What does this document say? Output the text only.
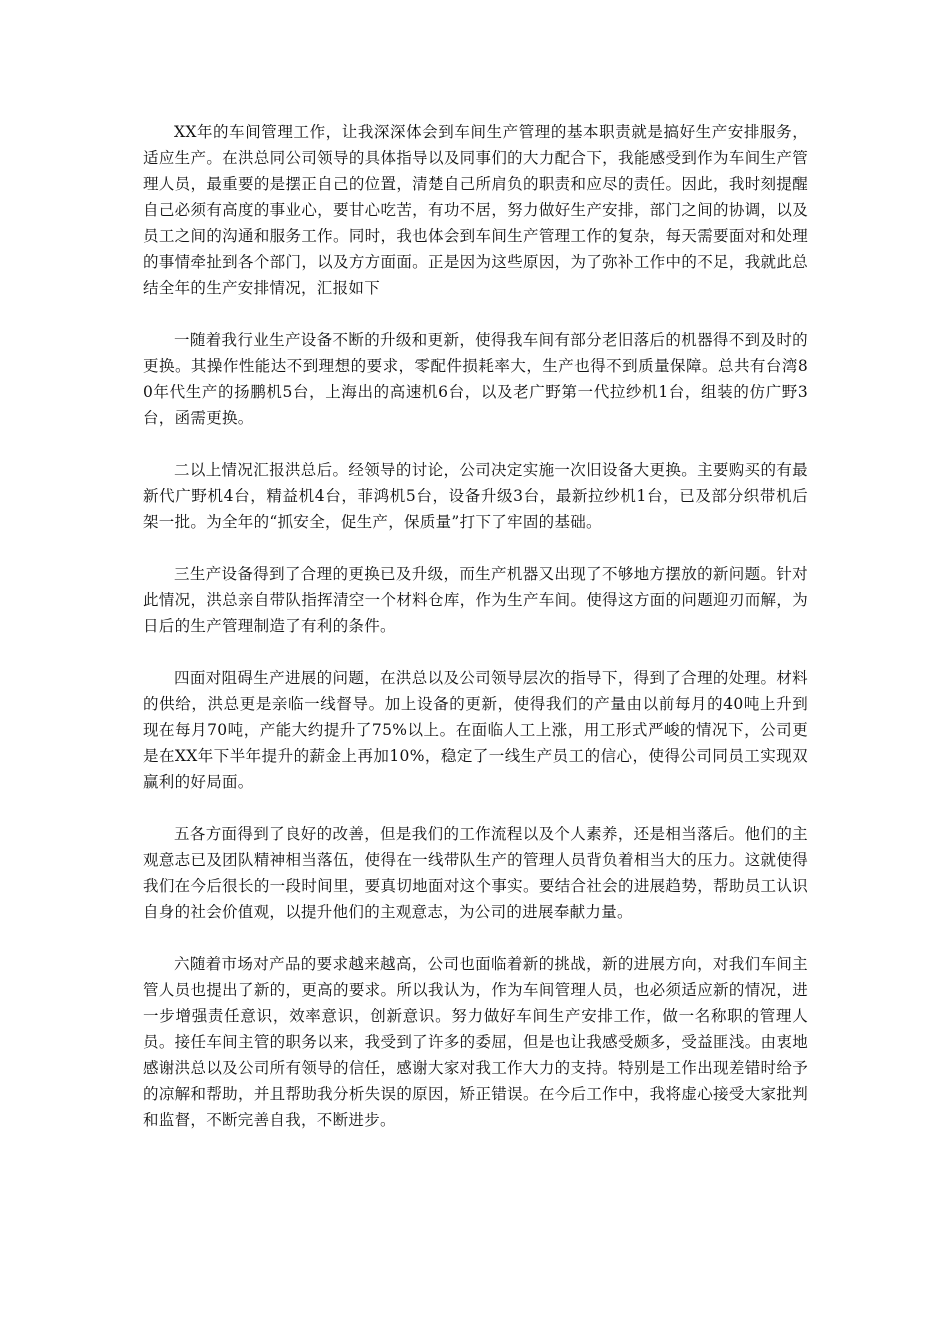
XX年的车间管理工作，让我深深体会到车间生产管理的基本职责就是搞好生产安排服务，适应生产。在洪总同公司领导的具体指导以及同事们的大力配合下，我能感受到作为车间生产管理人员，最重要的是摆正自己的位置，清楚自己所肩负的职责和应尽的责任。因此，我时刻提醒自己必须有高度的事业心，要甘心吃苦，有功不居，努力做好生产安排，部门之间的协调，以及员工之间的沟通和服务工作。同时，我也体会到车间生产管理工作的复杂，每天需要面对和处理的事情牵扯到各个部门，以及方方面面。正是因为这些原因，为了弥补工作中的不足，我就此总结全年的生产安排情况，汇报如下

一随着我行业生产设备不断的升级和更新，使得我车间有部分老旧落后的机器得不到及时的更换。其操作性能达不到理想的要求，零配件损耗率大，生产也得不到质量保障。总共有台湾80年代生产的扬鹏机5台，上海出的高速机6台，以及老广野第一代拉纱机1台，组装的仿广野3台，函需更换。

二以上情况汇报洪总后。经领导的讨论，公司决定实施一次旧设备大更换。主要购买的有最新代广野机4台，精益机4台，菲鸿机5台，设备升级3台，最新拉纱机1台，已及部分织带机后架一批。为全年的“抓安全，促生产，保质量”打下了牢固的基础。

三生产设备得到了合理的更换已及升级，而生产机器又出现了不够地方摆放的新问题。针对此情况，洪总亲自带队指挥清空一个材料仓库，作为生产车间。使得这方面的问题迎刃而解，为日后的生产管理制造了有利的条件。

四面对阻碍生产进展的问题，在洪总以及公司领导层次的指导下，得到了合理的处理。材料的供给，洪总更是亲临一线督导。加上设备的更新，使得我们的产量由以前每月的40吨上升到现在每月70吨，产能大约提升了75%以上。在面临人工上涨，用工形式严峻的情况下，公司更是在XX年下半年提升的薪金上再加10%，稳定了一线生产员工的信心，使得公司同员工实现双赢利的好局面。

五各方面得到了良好的改善，但是我们的工作流程以及个人素养，还是相当落后。他们的主观意志已及团队精神相当落伍，使得在一线带队生产的管理人员背负着相当大的压力。这就使得我们在今后很长的一段时间里，要真切地面对这个事实。要结合社会的进展趋势，帮助员工认识自身的社会价值观，以提升他们的主观意志，为公司的进展奉献力量。

六随着市场对产品的要求越来越高，公司也面临着新的挑战，新的进展方向，对我们车间主管人员也提出了新的，更高的要求。所以我认为，作为车间管理人员，也必须适应新的情况，进一步增强责任意识，效率意识，创新意识。努力做好车间生产安排工作，做一名称职的管理人员。接任车间主管的职务以来，我受到了许多的委屈，但是也让我感受颇多，受益匪浅。由衷地感谢洪总以及公司所有领导的信任，感谢大家对我工作大力的支持。特别是工作出现差错时给予的凉解和帮助，并且帮助我分析失误的原因，矫正错误。在今后工作中，我将虚心接受大家批判和监督，不断完善自我，不断进步。
